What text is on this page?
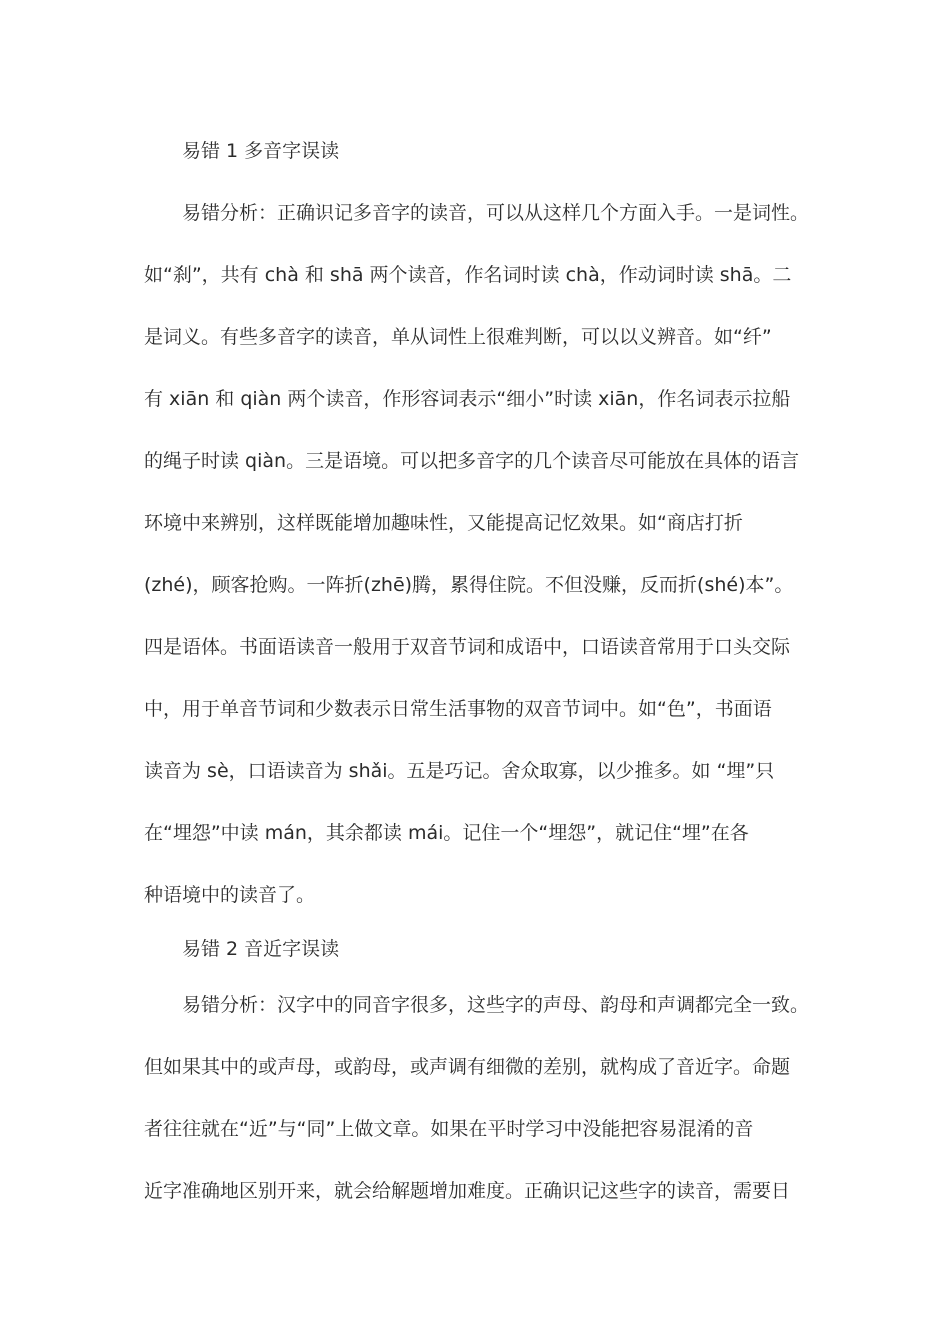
易错 1 多音字误读
易错分析：正确识记多音字的读音，可以从这样几个方面入手。一是词性。
如“刹”，共有 chà 和 shā 两个读音，作名词时读 chà，作动词时读 shā。二
是词义。有些多音字的读音，单从词性上很难判断，可以以义辨音。如“纤”
有 xiān 和 qiàn 两个读音，作形容词表示“细小”时读 xiān，作名词表示拉船
的绳子时读 qiàn。三是语境。可以把多音字的几个读音尽可能放在具体的语言
环境中来辨别，这样既能增加趣味性，又能提高记忆效果。如“商店打折
(zhé)，顾客抢购。一阵折(zhē)腾，累得住院。不但没赚，反而折(shé)本”。
四是语体。书面语读音一般用于双音节词和成语中，口语读音常用于口头交际
中，用于单音节词和少数表示日常生活事物的双音节词中。如“色”，书面语
读音为 sè，口语读音为 shǎi。五是巧记。舍众取寡，以少推多。如 “埋”只
在“埋怨”中读 mán，其余都读 mái。记住一个“埋怨”，就记住“埋”在各
种语境中的读音了。
易错 2 音近字误读
易错分析：汉字中的同音字很多，这些字的声母、韵母和声调都完全一致。
但如果其中的或声母，或韵母，或声调有细微的差别，就构成了音近字。命题
者往往就在“近”与“同”上做文章。如果在平时学习中没能把容易混淆的音
近字准确地区别开来，就会给解题增加难度。正确识记这些字的读音，需要日
